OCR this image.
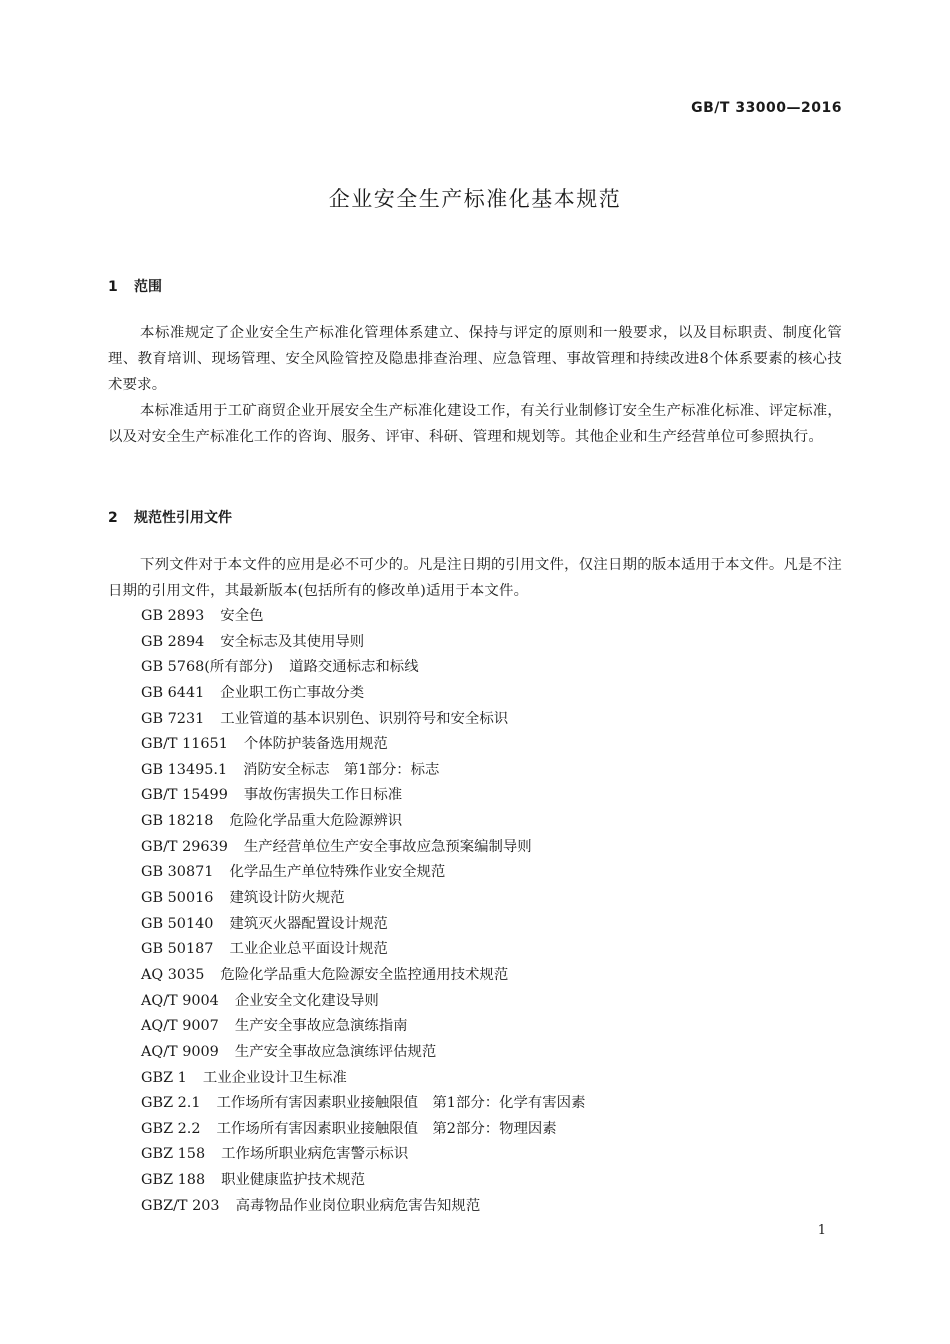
GB/T 33000—2016
企业安全生产标准化基本规范
1 范围

本标准规定了企业安全生产标准化管理体系建立、保持与评定的原则和一般要求，以及目标职责、制度化管理、教育培训、现场管理、安全风险管控及隐患排查治理、应急管理、事故管理和持续改进8个体系要素的核心技术要求。

本标准适用于工矿商贸企业开展安全生产标准化建设工作，有关行业制修订安全生产标准化标准、评定标准，以及对安全生产标准化工作的咨询、服务、评审、科研、管理和规划等。其他企业和生产经营单位可参照执行。

2 规范性引用文件

下列文件对于本文件的应用是必不可少的。凡是注日期的引用文件，仅注日期的版本适用于本文件。凡是不注日期的引用文件，其最新版本(包括所有的修改单)适用于本文件。

GB 2893 安全色
GB 2894 安全标志及其使用导则
GB 5768(所有部分) 道路交通标志和标线
GB 6441 企业职工伤亡事故分类
GB 7231 工业管道的基本识别色、识别符号和安全标识
GB/T 11651 个体防护装备选用规范
GB 13495.1 消防安全标志　第1部分：标志
GB/T 15499 事故伤害损失工作日标准
GB 18218 危险化学品重大危险源辨识
GB/T 29639 生产经营单位生产安全事故应急预案编制导则
GB 30871 化学品生产单位特殊作业安全规范
GB 50016 建筑设计防火规范
GB 50140 建筑灭火器配置设计规范
GB 50187 工业企业总平面设计规范
AQ 3035 危险化学品重大危险源安全监控通用技术规范
AQ/T 9004 企业安全文化建设导则
AQ/T 9007 生产安全事故应急演练指南
AQ/T 9009 生产安全事故应急演练评估规范
GBZ 1 工业企业设计卫生标准
GBZ 2.1 工作场所有害因素职业接触限值　第1部分：化学有害因素
GBZ 2.2 工作场所有害因素职业接触限值　第2部分：物理因素
GBZ 158 工作场所职业病危害警示标识
GBZ 188 职业健康监护技术规范
GBZ/T 203 高毒物品作业岗位职业病危害告知规范
1
